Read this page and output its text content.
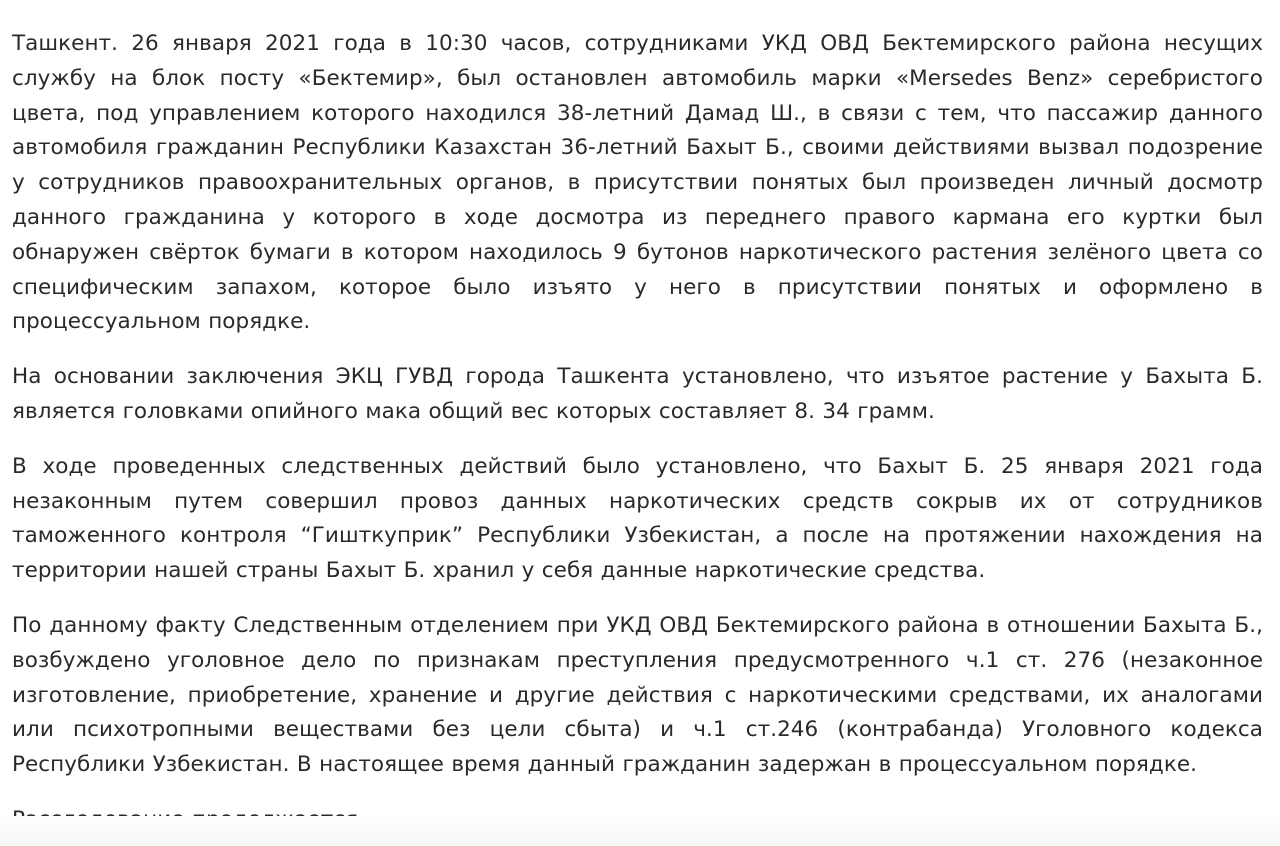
Ташкент. 26 января 2021 года в 10:30 часов, сотрудниками УКД ОВД Бектемирского района несущих службу на блок посту «Бектемир», был остановлен автомобиль марки «Mersedes Benz» серебристого цвета, под управлением которого находился 38-летний Дамад Ш., в связи с тем, что пассажир данного автомобиля гражданин Республики Казахстан 36-летний Бахыт Б., своими действиями вызвал подозрение у сотрудников правоохранительных органов, в присутствии понятых был произведен личный досмотр данного гражданина у которого в ходе досмотра из переднего правого кармана его куртки был обнаружен свёрток бумаги в котором находилось 9 бутонов наркотического растения зелёного цвета со специфическим запахом, которое было изъято у него в присутствии понятых и оформлено в процессуальном порядке.

На основании заключения ЭКЦ ГУВД города Ташкента установлено, что изъятое растение у Бахыта Б. является головками опийного мака общий вес которых составляет 8. 34 грамм.

В ходе проведенных следственных действий было установлено, что Бахыт Б. 25 января 2021 года незаконным путем совершил провоз данных наркотических средств сокрыв их от сотрудников таможенного контроля “Гишткуприк” Республики Узбекистан, а после на протяжении нахождения на территории нашей страны Бахыт Б. хранил у себя данные наркотические средства.

По данному факту Следственным отделением при УКД ОВД Бектемирского района в отношении Бахыта Б., возбуждено уголовное дело по признакам преступления предусмотренного ч.1 ст. 276 (незаконное изготовление, приобретение, хранение и другие действия с наркотическими средствами, их аналогами или психотропными веществами без цели сбыта) и ч.1 ст.246 (контрабанда) Уголовного кодекса Республики Узбекистан. В настоящее время данный гражданин задержан в процессуальном порядке.
